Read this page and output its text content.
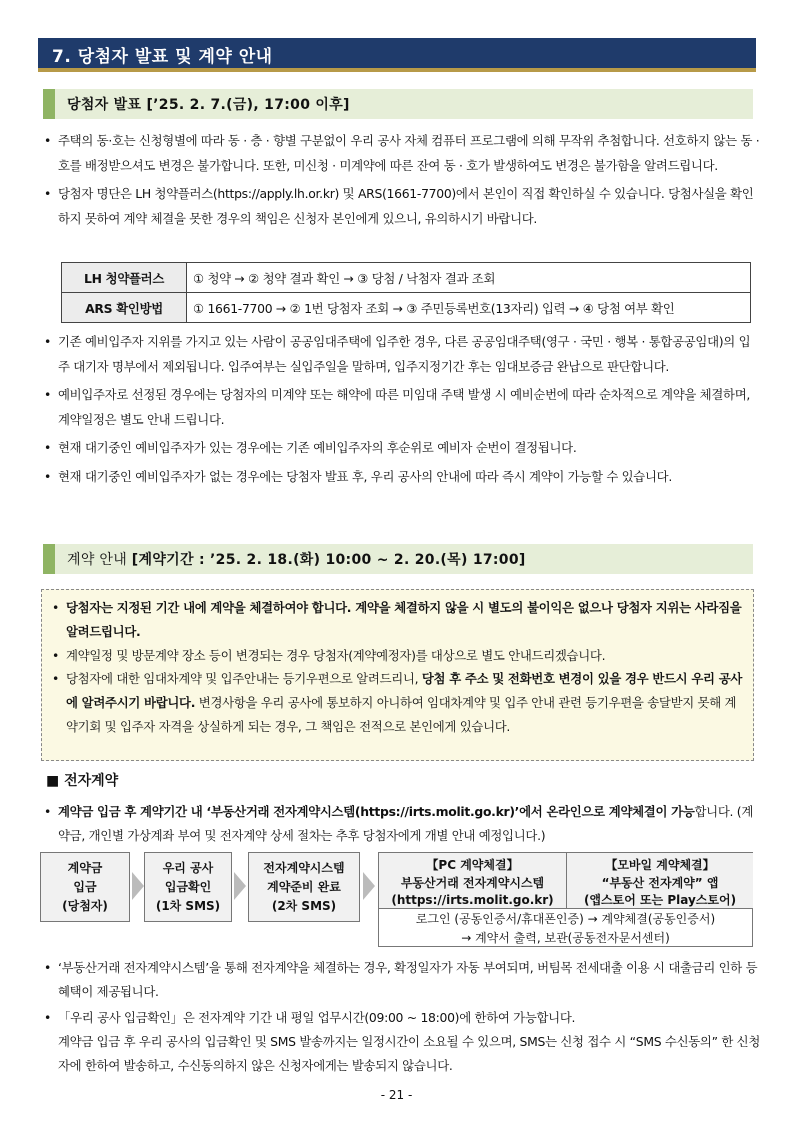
7. 당첨자 발표 및 계약 안내
당첨자 발표 [’25. 2. 7.(금), 17:00 이후]
• 주택의 동·호는 신청형별에 따라 동 · 층 · 향별 구분없이 우리 공사 자체 컴퓨터 프로그램에 의해 무작위 추첨합니다. 선호하지 않는 동 · 호를 배정받으셔도 변경은 불가합니다. 또한, 미신청 · 미계약에 따른 잔여 동 · 호가 발생하여도 변경은 불가함을 알려드립니다.
• 당첨자 명단은 LH 청약플러스(https://apply.lh.or.kr) 및 ARS(1661-7700)에서 본인이 직접 확인하실 수 있습니다. 당첨사실을 확인하지 못하여 계약 체결을 못한 경우의 책임은 신청자 본인에게 있으니, 유의하시기 바랍니다.
LH 청약플러스	① 청약 → ② 청약 결과 확인 → ③ 당첨 / 낙첨자 결과 조회
ARS 확인방법	① 1661-7700 → ② 1번 당첨자 조회 → ③ 주민등록번호(13자리) 입력 → ④ 당첨 여부 확인
• 기존 예비입주자 지위를 가지고 있는 사람이 공공임대주택에 입주한 경우, 다른 공공임대주택(영구 · 국민 · 행복 · 통합공공임대)의 입주 대기자 명부에서 제외됩니다. 입주여부는 실입주일을 말하며, 입주지정기간 후는 임대보증금 완납으로 판단합니다.
• 예비입주자로 선정된 경우에는 당첨자의 미계약 또는 해약에 따른 미임대 주택 발생 시 예비순번에 따라 순차적으로 계약을 체결하며, 계약일정은 별도 안내 드립니다.
• 현재 대기중인 예비입주자가 있는 경우에는 기존 예비입주자의 후순위로 예비자 순번이 결정됩니다.
• 현재 대기중인 예비입주자가 없는 경우에는 당첨자 발표 후, 우리 공사의 안내에 따라 즉시 계약이 가능할 수 있습니다.
계약 안내 [계약기간 : ’25. 2. 18.(화) 10:00 ~ 2. 20.(목) 17:00]
• 당첨자는 지정된 기간 내에 계약을 체결하여야 합니다. 계약을 체결하지 않을 시 별도의 불이익은 없으나 당첨자 지위는 사라짐을 알려드립니다.
• 계약일정 및 방문계약 장소 등이 변경되는 경우 당첨자(계약예정자)를 대상으로 별도 안내드리겠습니다.
• 당첨자에 대한 임대차계약 및 입주안내는 등기우편으로 알려드리니, 당첨 후 주소 및 전화번호 변경이 있을 경우 반드시 우리 공사에 알려주시기 바랍니다. 변경사항을 우리 공사에 통보하지 아니하여 임대차계약 및 입주 안내 관련 등기우편을 송달받지 못해 계약기회 및 입주자 자격을 상실하게 되는 경우, 그 책임은 전적으로 본인에게 있습니다.
■ 전자계약
• 계약금 입금 후 계약기간 내 ‘부동산거래 전자계약시스템(https://irts.molit.go.kr)’에서 온라인으로 계약체결이 가능합니다. (계약금, 개인별 가상계좌 부여 및 전자계약 상세 절차는 추후 당첨자에게 개별 안내 예정입니다.)
계약금
입금
(당첨자)
우리 공사
입금확인
(1차 SMS)
전자계약시스템
계약준비 완료
(2차 SMS)
【PC 계약체결】
부동산거래 전자계약시스템
(https://irts.molit.go.kr)
【모바일 계약체결】
“부동산 전자계약” 앱
(앱스토어 또는 Play스토어)
로그인 (공동인증서/휴대폰인증) → 계약체결(공동인증서)
→ 계약서 출력, 보관(공동전자문서센터)
• ‘부동산거래 전자계약시스템’을 통해 전자계약을 체결하는 경우, 확정일자가 자동 부여되며, 버팀목 전세대출 이용 시 대출금리 인하 등 혜택이 제공됩니다.
• 「우리 공사 입금확인」은 전자계약 기간 내 평일 업무시간(09:00 ~ 18:00)에 한하여 가능합니다.
계약금 입금 후 우리 공사의 입금확인 및 SMS 발송까지는 일정시간이 소요될 수 있으며, SMS는 신청 접수 시 “SMS 수신동의” 한 신청자에 한하여 발송하고, 수신동의하지 않은 신청자에게는 발송되지 않습니다.
- 21 -
